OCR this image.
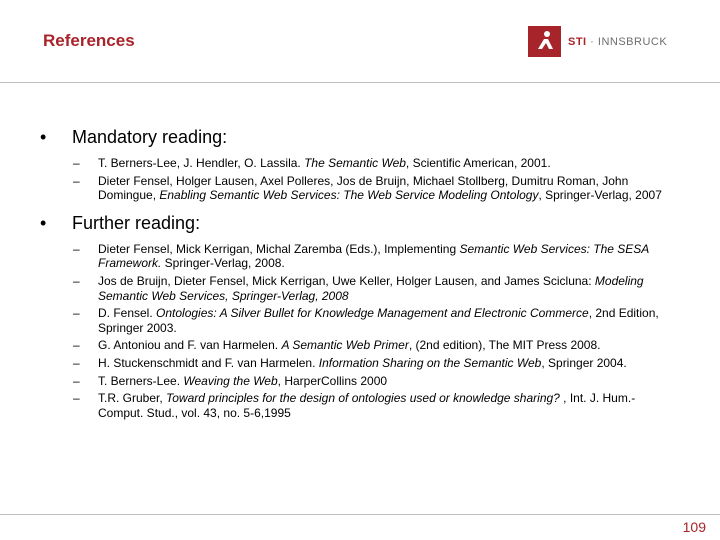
References	STI · INNSBRUCK
•	Mandatory reading:
–	T. Berners-Lee, J. Hendler, O. Lassila. The Semantic Web, Scientific American, 2001.
–	Dieter Fensel, Holger Lausen, Axel Polleres, Jos de Bruijn, Michael Stollberg, Dumitru Roman, John Domingue, Enabling Semantic Web Services: The Web Service Modeling Ontology, Springer-Verlag, 2007
•	Further reading:
–	Dieter Fensel, Mick Kerrigan, Michal Zaremba (Eds.), Implementing Semantic Web Services: The SESA Framework. Springer-Verlag, 2008.
–	Jos de Bruijn, Dieter Fensel, Mick Kerrigan, Uwe Keller, Holger Lausen, and James Scicluna: Modeling Semantic Web Services, Springer-Verlag, 2008
–	D. Fensel. Ontologies: A Silver Bullet for Knowledge Management and Electronic Commerce, 2nd Edition, Springer 2003.
–	G. Antoniou and F. van Harmelen. A Semantic Web Primer, (2nd edition), The MIT Press 2008.
–	H. Stuckenschmidt and F. van Harmelen. Information Sharing on the Semantic Web, Springer 2004.
–	T. Berners-Lee. Weaving the Web, HarperCollins 2000
–	T.R. Gruber, Toward principles for the design of ontologies used or knowledge sharing? , Int. J. Hum.-Comput. Stud., vol. 43, no. 5-6,1995
109
